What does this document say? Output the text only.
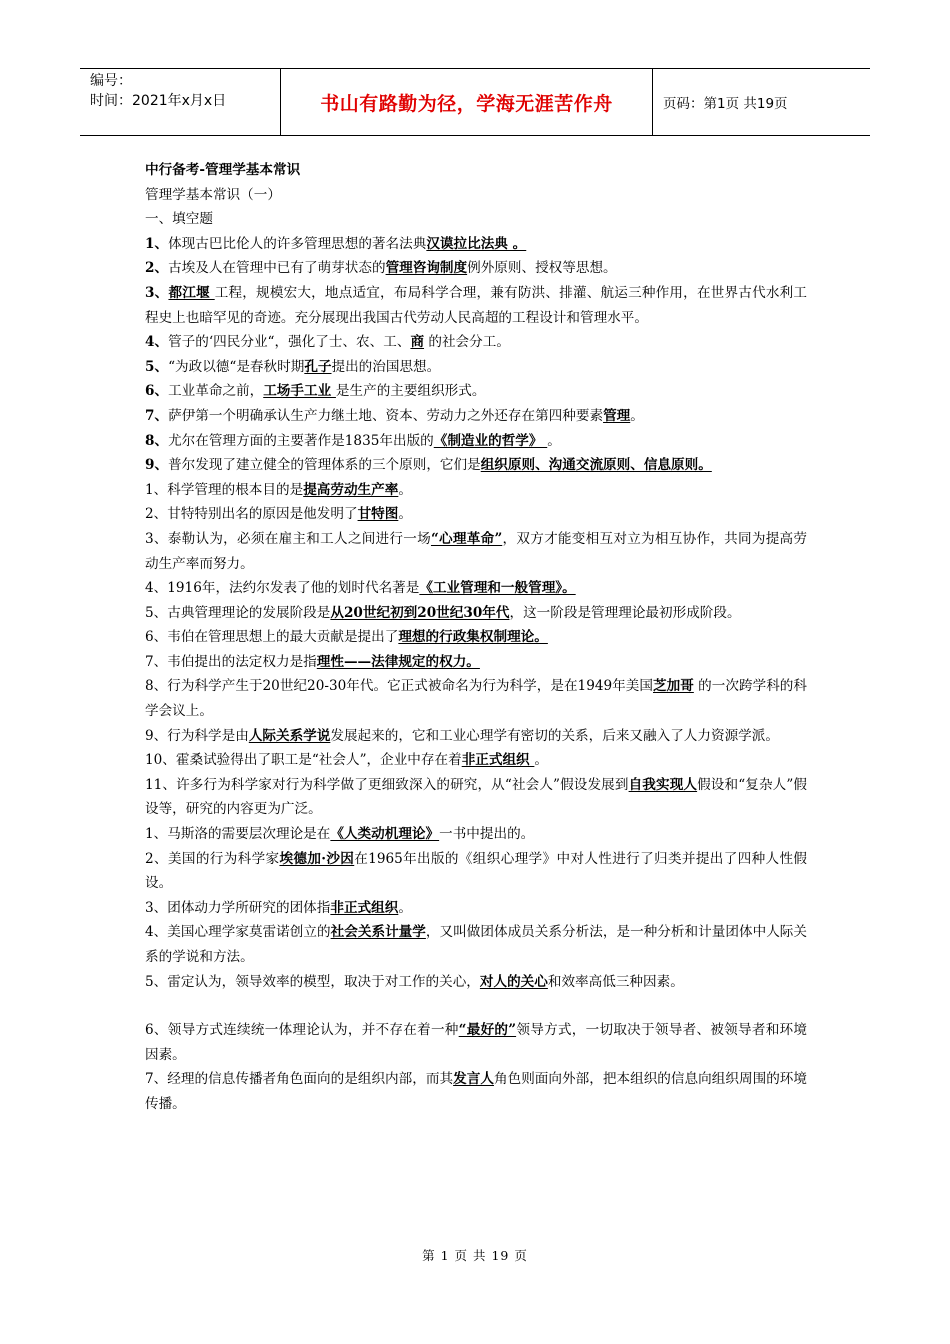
编号：
时间：2021年x月x日	书山有路勤为径，学海无涯苦作舟	页码：第1页 共19页

中行备考-管理学基本常识

管理学基本常识（一）

一、填空题

1、体现古巴比伦人的许多管理思想的著名法典汉谟拉比法典 。

2、古埃及人在管理中已有了萌芽状态的管理咨询制度例外原则、授权等思想。

3、都江堰 工程，规模宏大，地点适宜，布局科学合理，兼有防洪、排灌、航运三种作用，在世界古代水利工程史上也暗罕见的奇迹。充分展现出我国古代劳动人民高超的工程设计和管理水平。

4、管子的‘四民分业“，强化了士、农、工、商 的社会分工。

5、“为政以德“是春秋时期孔子提出的治国思想。

6、工业革命之前，工场手工业 是生产的主要组织形式。

7、萨伊第一个明确承认生产力继土地、资本、劳动力之外还存在第四种要素管理。

8、尤尔在管理方面的主要著作是1835年出版的《制造业的哲学》 。

9、普尔发现了建立健全的管理体系的三个原则，它们是组织原则、沟通交流原则、信息原则。

1、科学管理的根本目的是提高劳动生产率。

2、甘特特别出名的原因是他发明了甘特图。

3、泰勒认为，必须在雇主和工人之间进行一场“心理革命”，双方才能变相互对立为相互协作，共同为提高劳动生产率而努力。

4、1916年，法约尔发表了他的划时代名著是《工业管理和一般管理》。

5、古典管理理论的发展阶段是从20世纪初到20世纪30年代，这一阶段是管理理论最初形成阶段。

6、韦伯在管理思想上的最大贡献是提出了理想的行政集权制理论。

7、韦伯提出的法定权力是指理性——法律规定的权力。

8、行为科学产生于20世纪20-30年代。它正式被命名为行为科学，是在1949年美国芝加哥 的一次跨学科的科学会议上。

9、行为科学是由人际关系学说发展起来的，它和工业心理学有密切的关系，后来又融入了人力资源学派。

10、霍桑试验得出了职工是“社会人”，企业中存在着非正式组织 。

11、许多行为科学家对行为科学做了更细致深入的研究，从“社会人”假设发展到自我实现人假设和“复杂人”假设等，研究的内容更为广泛。

1、马斯洛的需要层次理论是在《人类动机理论》一书中提出的。

2、美国的行为科学家埃德加·沙因在1965年出版的《组织心理学》中对人性进行了归类并提出了四种人性假设。

3、团体动力学所研究的团体指非正式组织。

4、美国心理学家莫雷诺创立的社会关系计量学，又叫做团体成员关系分析法，是一种分析和计量团体中人际关系的学说和方法。

5、雷定认为，领导效率的模型，取决于对工作的关心，对人的关心和效率高低三种因素。

6、领导方式连续统一体理论认为，并不存在着一种“最好的”领导方式，一切取决于领导者、被领导者和环境因素。

7、经理的信息传播者角色面向的是组织内部，而其发言人角色则面向外部，把本组织的信息向组织周围的环境传播。

第 1 页 共 19 页
